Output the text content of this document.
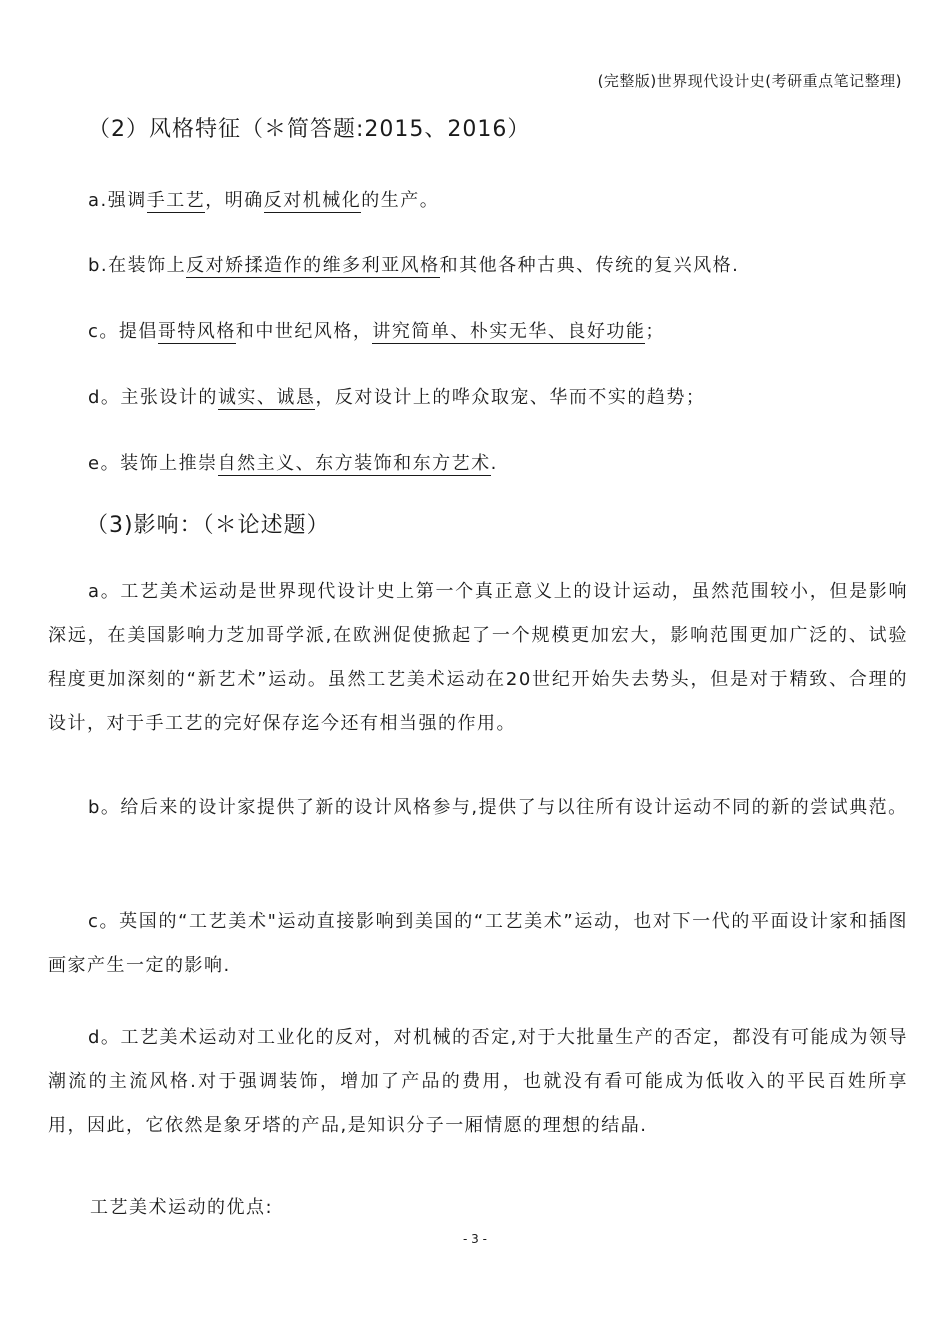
(完整版)世界现代设计史(考研重点笔记整理)
（2）风格特征（＊简答题:2015、2016）
a.强调手工艺，明确反对机械化的生产。
b.在装饰上反对矫揉造作的维多利亚风格和其他各种古典、传统的复兴风格.
c。提倡哥特风格和中世纪风格，讲究简单、朴实无华、良好功能；
d。主张设计的诚实、诚恳，反对设计上的哗众取宠、华而不实的趋势；
e。装饰上推崇自然主义、东方装饰和东方艺术.
（3)影响：（＊论述题）

a。工艺美术运动是世界现代设计史上第一个真正意义上的设计运动，虽然范围较小，但是影响深远，在美国影响力芝加哥学派,在欧洲促使掀起了一个规模更加宏大，影响范围更加广泛的、试验程度更加深刻的“新艺术”运动。虽然工艺美术运动在20世纪开始失去势头，但是对于精致、合理的设计，对于手工艺的完好保存迄今还有相当强的作用。

b。给后来的设计家提供了新的设计风格参与,提供了与以往所有设计运动不同的新的尝试典范。

c。英国的“工艺美术"运动直接影响到美国的“工艺美术”运动，也对下一代的平面设计家和插图画家产生一定的影响.

d。工艺美术运动对工业化的反对，对机械的否定,对于大批量生产的否定，都没有可能成为领导潮流的主流风格.对于强调装饰，增加了产品的费用，也就没有看可能成为低收入的平民百姓所享用，因此，它依然是象牙塔的产品,是知识分子一厢情愿的理想的结晶.

工艺美术运动的优点:
- 3 -
